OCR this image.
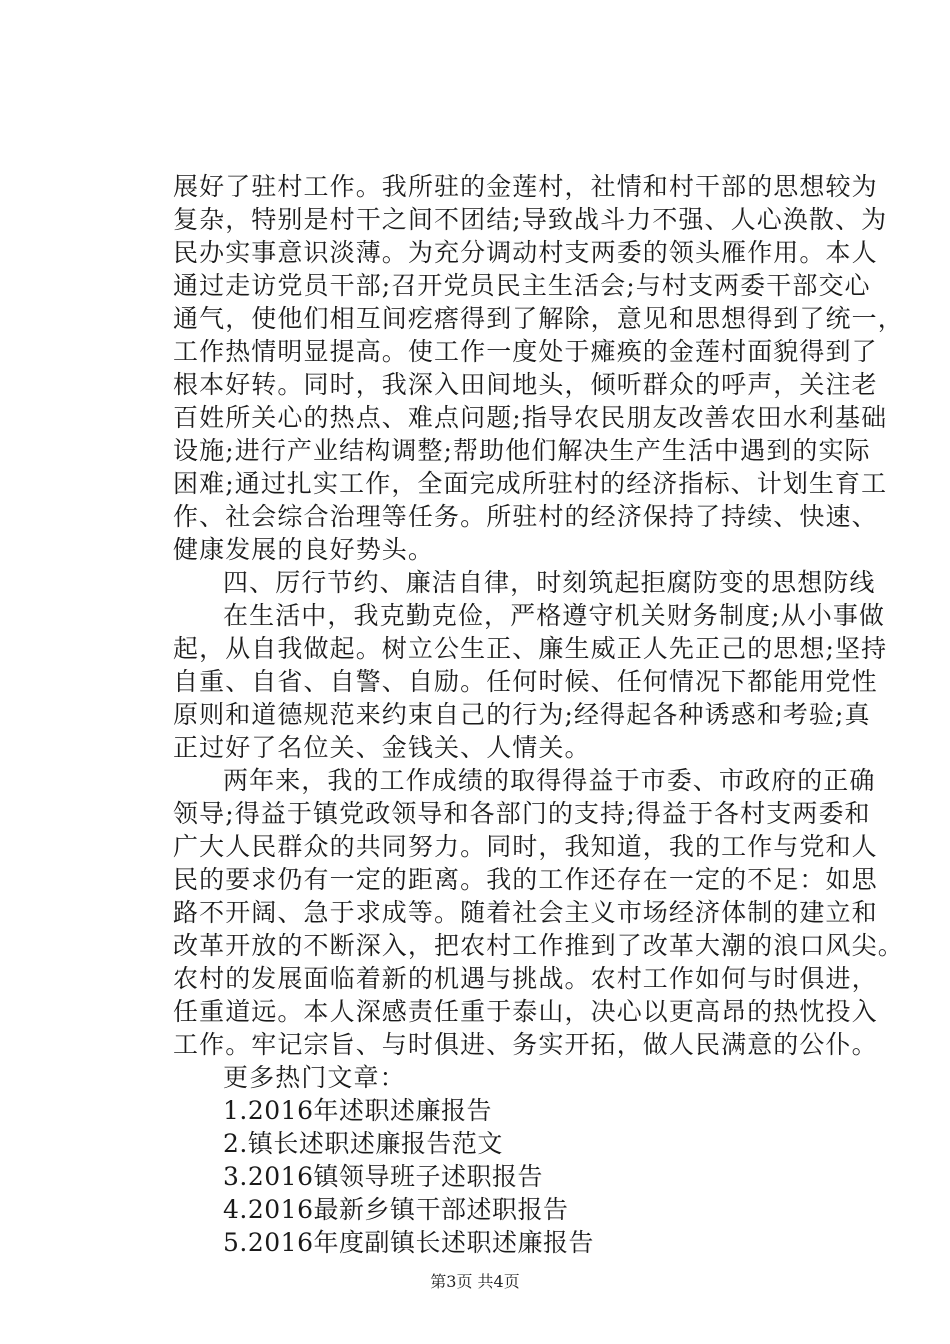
展好了驻村工作。我所驻的金莲村，社情和村干部的思想较为
复杂，特别是村干之间不团结;导致战斗力不强、人心涣散、为
民办实事意识淡薄。为充分调动村支两委的领头雁作用。本人
通过走访党员干部;召开党员民主生活会;与村支两委干部交心
通气，使他们相互间疙瘩得到了解除，意见和思想得到了统一，
工作热情明显提高。使工作一度处于瘫痪的金莲村面貌得到了
根本好转。同时，我深入田间地头，倾听群众的呼声，关注老
百姓所关心的热点、难点问题;指导农民朋友改善农田水利基础
设施;进行产业结构调整;帮助他们解决生产生活中遇到的实际
困难;通过扎实工作，全面完成所驻村的经济指标、计划生育工
作、社会综合治理等任务。所驻村的经济保持了持续、快速、
健康发展的良好势头。
四、厉行节约、廉洁自律，时刻筑起拒腐防变的思想防线
在生活中，我克勤克俭，严格遵守机关财务制度;从小事做
起，从自我做起。树立公生正、廉生威正人先正己的思想;坚持
自重、自省、自警、自励。任何时候、任何情况下都能用党性
原则和道德规范来约束自己的行为;经得起各种诱惑和考验;真
正过好了名位关、金钱关、人情关。
两年来，我的工作成绩的取得得益于市委、市政府的正确
领导;得益于镇党政领导和各部门的支持;得益于各村支两委和
广大人民群众的共同努力。同时，我知道，我的工作与党和人
民的要求仍有一定的距离。我的工作还存在一定的不足：如思
路不开阔、急于求成等。随着社会主义市场经济体制的建立和
改革开放的不断深入，把农村工作推到了改革大潮的浪口风尖。
农村的发展面临着新的机遇与挑战。农村工作如何与时俱进，
任重道远。本人深感责任重于泰山，决心以更高昂的热忱投入
工作。牢记宗旨、与时俱进、务实开拓，做人民满意的公仆。
更多热门文章：
1.2016年述职述廉报告
2.镇长述职述廉报告范文
3.2016镇领导班子述职报告
4.2016最新乡镇干部述职报告
5.2016年度副镇长述职述廉报告
第3页 共4页
